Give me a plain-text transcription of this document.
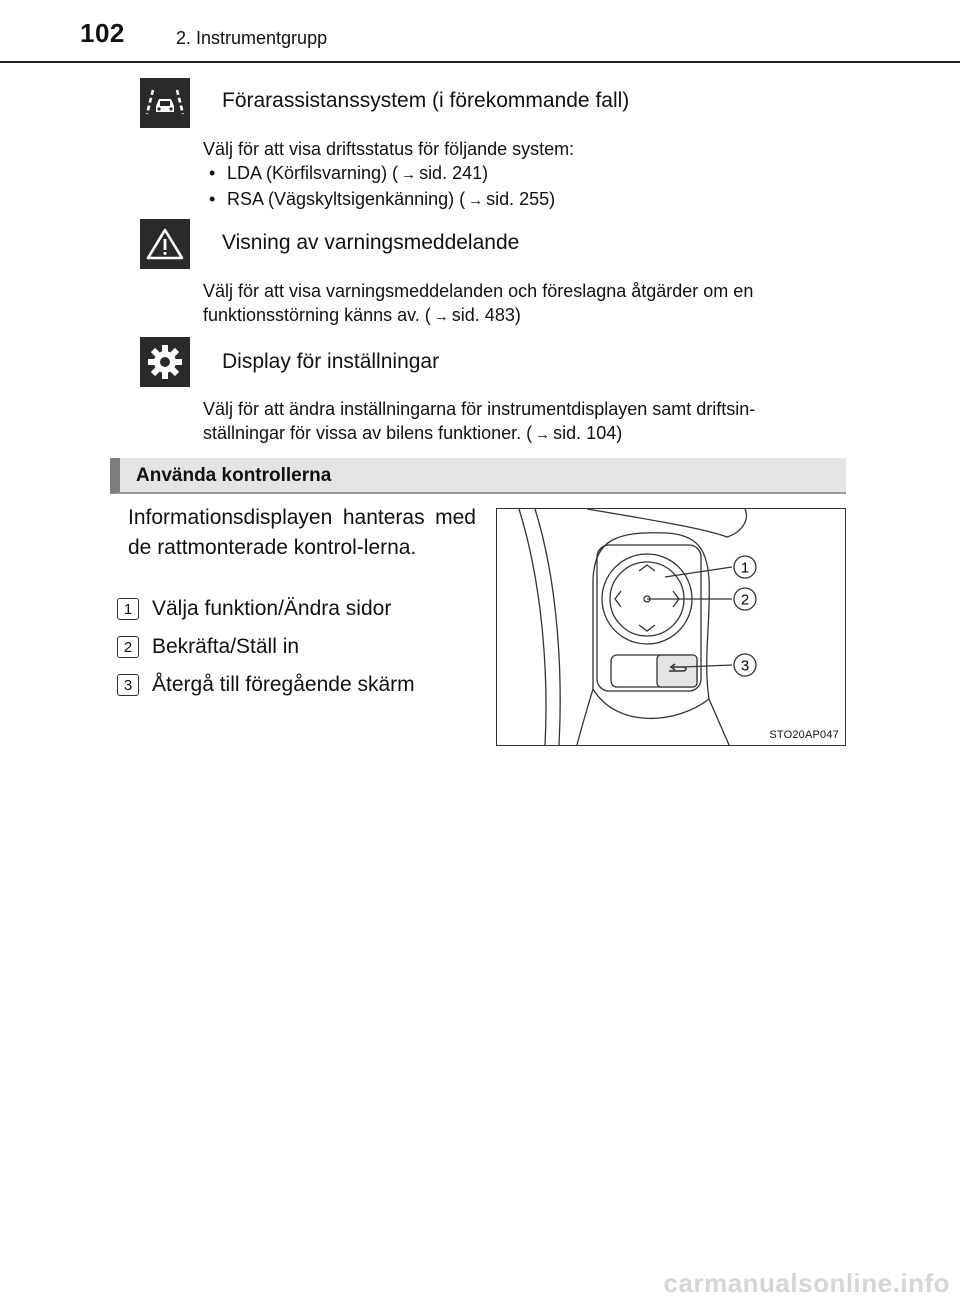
102	2. Instrumentgrupp
Förarassistanssystem (i förekommande fall)

Välj för att visa driftsstatus för följande system:

• LDA (Körfilsvarning) ( → sid. 241)

• RSA (Vägskyltsigenkänning) ( → sid. 255)

Visning av varningsmeddelande

Välj för att visa varningsmeddelanden och föreslagna åtgärder om en

funktionsstörning känns av. ( → sid. 483)

Display för inställningar

Välj för att ändra inställningarna för instrumentdisplayen samt driftsin-

ställningar för vissa av bilens funktioner. ( → sid. 104)

Använda kontrollerna
Informationsdisplayen hanteras med de rattmonterade kontrol-lerna.
1 Välja funktion/Ändra sidor
2 Bekräfta/Ställ in
3 Återgå till föregående skärm
1
2
3
STO20AP047
carmanualsonline.info
